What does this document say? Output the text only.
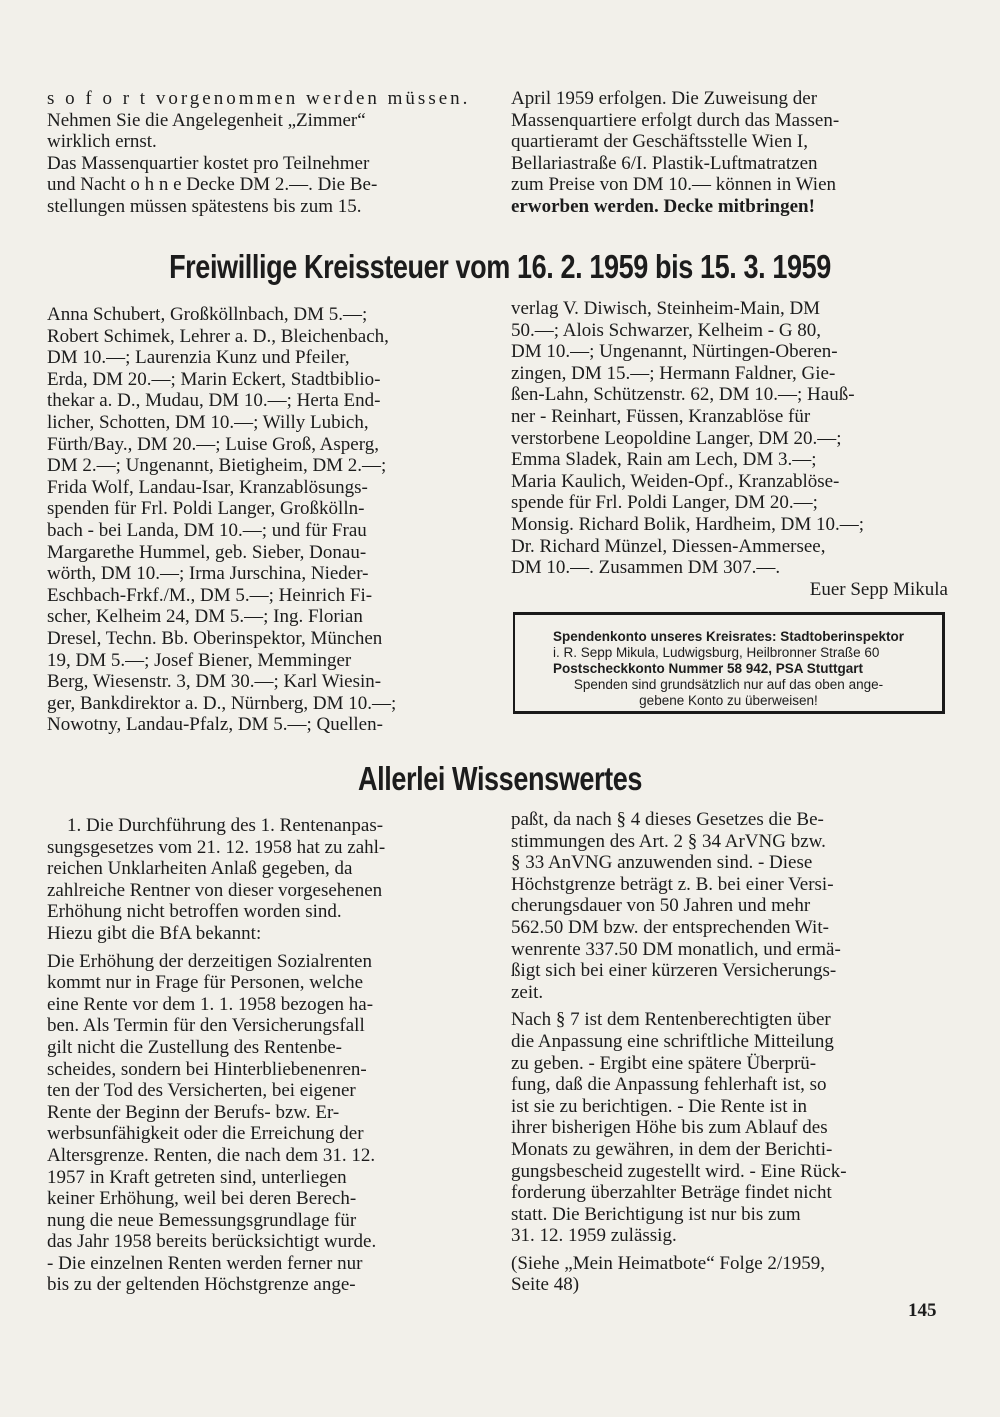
s o f o r t vorgenommen werden müssen.

Nehmen Sie die Angelegenheit „Zimmer“

wirklich ernst.

Das Massenquartier kostet pro Teilnehmer

und Nacht o h n e Decke DM 2.—. Die Be-

stellungen müssen spätestens bis zum 15.

April 1959 erfolgen. Die Zuweisung der

Massenquartiere erfolgt durch das Massen-

quartieramt der Geschäftsstelle Wien I,

Bellariastraße 6/I. Plastik-Luftmatratzen

zum Preise von DM 10.— können in Wien

erworben werden. Decke mitbringen!

Freiwillige Kreissteuer vom 16. 2. 1959 bis 15. 3. 1959

Anna Schubert, Großköllnbach, DM 5.—;

Robert Schimek, Lehrer a. D., Bleichenbach,

DM 10.—; Laurenzia Kunz und Pfeiler,

Erda, DM 20.—; Marin Eckert, Stadtbiblio-

thekar a. D., Mudau, DM 10.—; Herta End-

licher, Schotten, DM 10.—; Willy Lubich,

Fürth/Bay., DM 20.—; Luise Groß, Asperg,

DM 2.—; Ungenannt, Bietigheim, DM 2.—;

Frida Wolf, Landau-Isar, Kranzablösungs-

spenden für Frl. Poldi Langer, Großkölln-

bach - bei Landa, DM 10.—; und für Frau

Margarethe Hummel, geb. Sieber, Donau-

wörth, DM 10.—; Irma Jurschina, Nieder-

Eschbach-Frkf./M., DM 5.—; Heinrich Fi-

scher, Kelheim 24, DM 5.—; Ing. Florian

Dresel, Techn. Bb. Oberinspektor, München

19, DM 5.—; Josef Biener, Memminger

Berg, Wiesenstr. 3, DM 30.—; Karl Wiesin-

ger, Bankdirektor a. D., Nürnberg, DM 10.—;

Nowotny, Landau-Pfalz, DM 5.—; Quellen-

verlag V. Diwisch, Steinheim-Main, DM

50.—; Alois Schwarzer, Kelheim - G 80,

DM 10.—; Ungenannt, Nürtingen-Oberen-

zingen, DM 15.—; Hermann Faldner, Gie-

ßen-Lahn, Schützenstr. 62, DM 10.—; Hauß-

ner - Reinhart, Füssen, Kranzablöse für

verstorbene Leopoldine Langer, DM 20.—;

Emma Sladek, Rain am Lech, DM 3.—;

Maria Kaulich, Weiden-Opf., Kranzablöse-

spende für Frl. Poldi Langer, DM 20.—;

Monsig. Richard Bolik, Hardheim, DM 10.—;

Dr. Richard Münzel, Diessen-Ammersee,

DM 10.—. Zusammen DM 307.—.

Euer Sepp Mikula

Spendenkonto unseres Kreisrates: Stadtoberinspektor
i. R. Sepp Mikula, Ludwigsburg, Heilbronner Straße 60
Postscheckkonto Nummer 58 942, PSA Stuttgart
Spenden sind grundsätzlich nur auf das oben ange-
gebene Konto zu überweisen!
Allerlei Wissenswertes

1. Die Durchführung des 1. Rentenanpas-

sungsgesetzes vom 21. 12. 1958 hat zu zahl-

reichen Unklarheiten Anlaß gegeben, da

zahlreiche Rentner von dieser vorgesehenen

Erhöhung nicht betroffen worden sind.

Hiezu gibt die BfA bekannt:

Die Erhöhung der derzeitigen Sozialrenten

kommt nur in Frage für Personen, welche

eine Rente vor dem 1. 1. 1958 bezogen ha-

ben. Als Termin für den Versicherungsfall

gilt nicht die Zustellung des Rentenbe-

scheides, sondern bei Hinterbliebenenren-

ten der Tod des Versicherten, bei eigener

Rente der Beginn der Berufs- bzw. Er-

werbsunfähigkeit oder die Erreichung der

Altersgrenze. Renten, die nach dem 31. 12.

1957 in Kraft getreten sind, unterliegen

keiner Erhöhung, weil bei deren Berech-

nung die neue Bemessungsgrundlage für

das Jahr 1958 bereits berücksichtigt wurde.

- Die einzelnen Renten werden ferner nur

bis zu der geltenden Höchstgrenze ange-

paßt, da nach § 4 dieses Gesetzes die Be-

stimmungen des Art. 2 § 34 ArVNG bzw.

§ 33 AnVNG anzuwenden sind. - Diese

Höchstgrenze beträgt z. B. bei einer Versi-

cherungsdauer von 50 Jahren und mehr

562.50 DM bzw. der entsprechenden Wit-

wenrente 337.50 DM monatlich, und ermä-

ßigt sich bei einer kürzeren Versicherungs-

zeit.

Nach § 7 ist dem Rentenberechtigten über

die Anpassung eine schriftliche Mitteilung

zu geben. - Ergibt eine spätere Überprü-

fung, daß die Anpassung fehlerhaft ist, so

ist sie zu berichtigen. - Die Rente ist in

ihrer bisherigen Höhe bis zum Ablauf des

Monats zu gewähren, in dem der Berichti-

gungsbescheid zugestellt wird. - Eine Rück-

forderung überzahlter Beträge findet nicht

statt. Die Berichtigung ist nur bis zum

31. 12. 1959 zulässig.

(Siehe „Mein Heimatbote“ Folge 2/1959,

Seite 48)

145
